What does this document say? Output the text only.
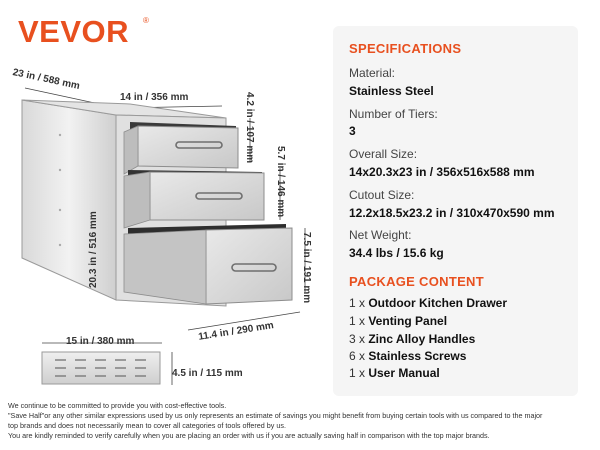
VEVOR ®
23 in / 588 mm
14 in / 356 mm	4.2 in / 107 mm
5.7 in / 146 mm
7.5 in / 191 mm
20.3 in / 516 mm
11.4 in / 290 mm
15 in / 380 mm
4.5 in / 115 mm
SPECIFICATIONS
Material:
Stainless Steel
Number of Tiers:
3
Overall Size:
14x20.3x23 in / 356x516x588 mm
Cutout Size:
12.2x18.5x23.2 in / 310x470x590 mm
Net Weight:
34.4 lbs / 15.6 kg
PACKAGE CONTENT
1 x Outdoor Kitchen Drawer
1 x Venting Panel
3 x Zinc Alloy Handles
6 x Stainless Screws
1 x User Manual
We continue to be committed to provide you with cost-effective tools.
"Save Half"or any other similar expressions used by us only represents an estimate of savings you might benefit from buying certain tools with us compared to the major
top brands and does not necessarily mean to cover all categories of tools offered by us.
You are kindly reminded to verify carefully when you are placing an order with us if you are actually saving half in comparison with the top major brands.
